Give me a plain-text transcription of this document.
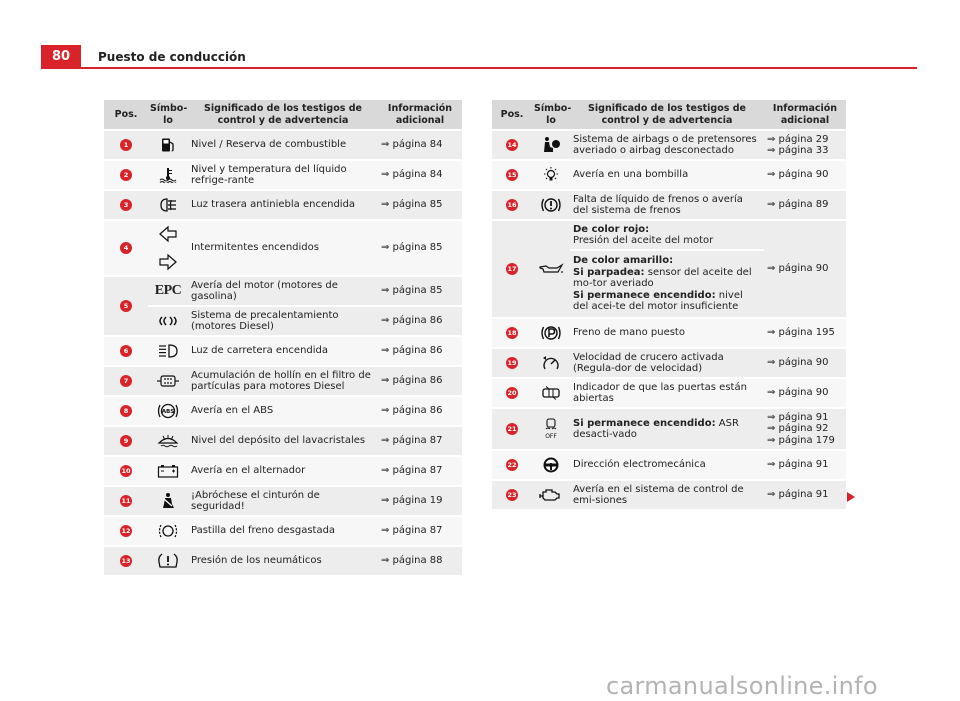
80	Puesto de conducción
Pos.	Símbo-lo	Significado de los testigos de control y de advertencia	Información adicional
1		Nivel / Reserva de combustible	⇒ página 84
2		Nivel y temperatura del líquido refrige-rante	⇒ página 84
3		Luz trasera antiniebla encendida	⇒ página 85
4		Intermitentes encendidos	⇒ página 85
5	EPC	Avería del motor (motores de gasolina)	⇒ página 85
	Sistema de precalentamiento (motores Diesel)	⇒ página 86
6		Luz de carretera encendida	⇒ página 86
7		Acumulación de hollín en el filtro de partículas para motores Diesel	⇒ página 86
8	ABS	Avería en el ABS	⇒ página 86
9		Nivel del depósito del lavacristales	⇒ página 87
10		Avería en el alternador	⇒ página 87
11		¡Abróchese el cinturón de seguridad!	⇒ página 19
12		Pastilla del freno desgastada	⇒ página 87
13		Presión de los neumáticos	⇒ página 88
Pos.	Símbo-lo	Significado de los testigos de control y de advertencia	Información adicional
14		Sistema de airbags o de pretensores averiado o airbag desconectado	⇒ página 29
⇒ página 33

15		Avería en una bombilla	⇒ página 90
16		Falta de líquido de frenos o avería del sistema de frenos	⇒ página 89
17		De color rojo:
Presión del aceite del motor	⇒ página 90

		De color amarillo:
Si parpadea: sensor del aceite del mo-tor averiado
Si permanece encendido: nivel del acei-te del motor insuficiente	

18		Freno de mano puesto	⇒ página 195
19		Velocidad de crucero activada (Regula-dor de velocidad)	⇒ página 90
20		Indicador de que las puertas están abiertas	⇒ página 90
21	OFF	Si permanece encendido: ASR desacti-vado	⇒ página 91
⇒ página 92
⇒ página 179

22		Dirección electromecánica	⇒ página 91
23		Avería en el sistema de control de emi-siones	⇒ página 91
carmanualsonline.info
